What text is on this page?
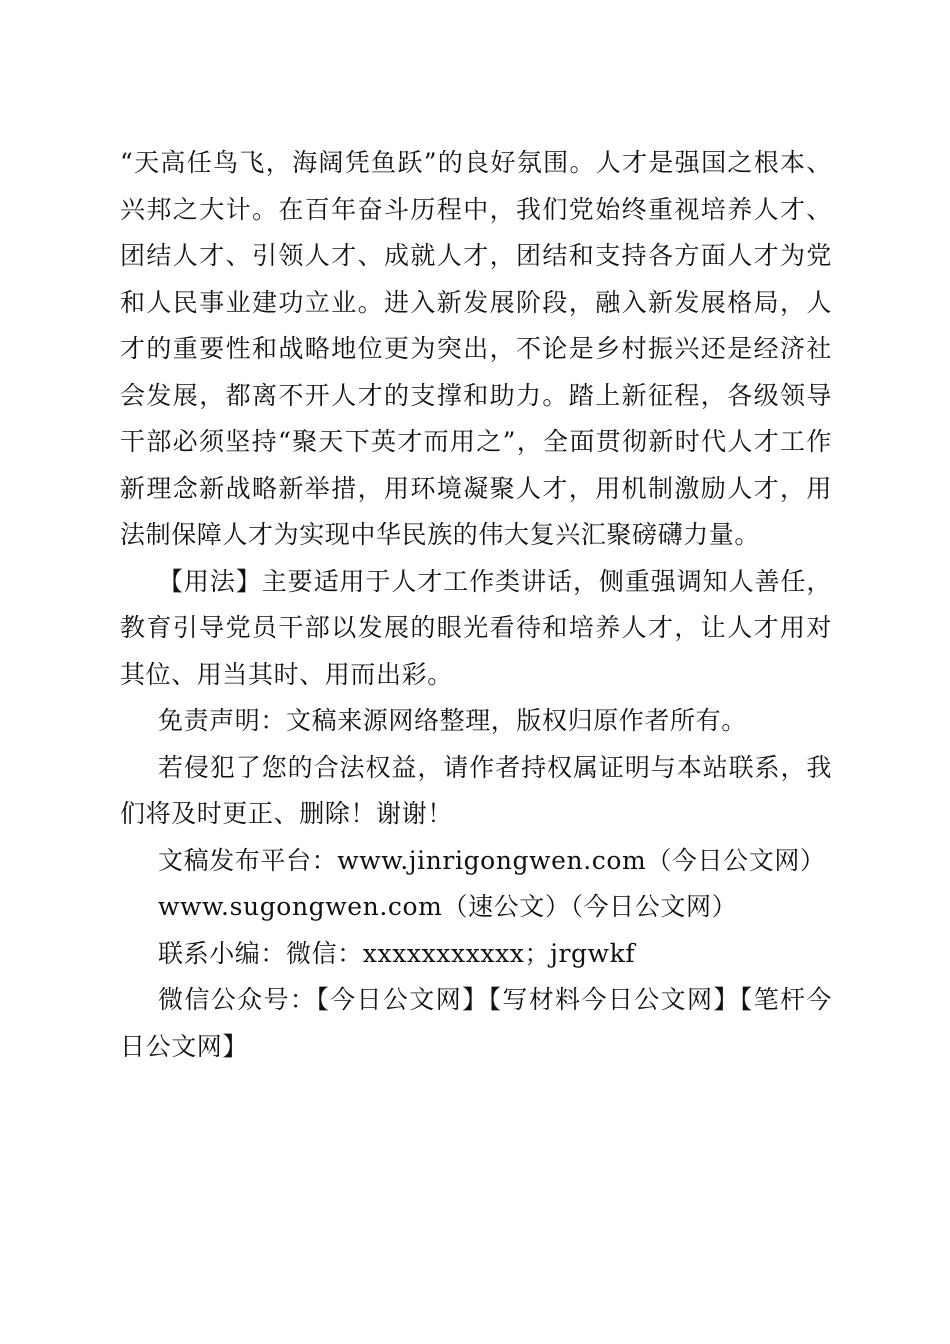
“天高任鸟飞，海阔凭鱼跃”的良好氛围。人才是强国之根本、兴邦之大计。在百年奋斗历程中，我们党始终重视培养人才、团结人才、引领人才、成就人才，团结和支持各方面人才为党和人民事业建功立业。进入新发展阶段，融入新发展格局，人才的重要性和战略地位更为突出，不论是乡村振兴还是经济社会发展，都离不开人才的支撑和助力。踏上新征程，各级领导干部必须坚持“聚天下英才而用之”，全面贯彻新时代人才工作新理念新战略新举措，用环境凝聚人才，用机制激励人才，用法制保障人才为实现中华民族的伟大复兴汇聚磅礴力量。

【用法】主要适用于人才工作类讲话，侧重强调知人善任，教育引导党员干部以发展的眼光看待和培养人才，让人才用对其位、用当其时、用而出彩。

免责声明：文稿来源网络整理，版权归原作者所有。

若侵犯了您的合法权益，请作者持权属证明与本站联系，我们将及时更正、删除！谢谢！

文稿发布平台：www.jinrigongwen.com（今日公文网）

www.sugongwen.com（速公文）（今日公文网）

联系小编：微信：xxxxxxxxxxx；jrgwkf

微信公众号：【今日公文网】【写材料今日公文网】【笔杆今日公文网】
